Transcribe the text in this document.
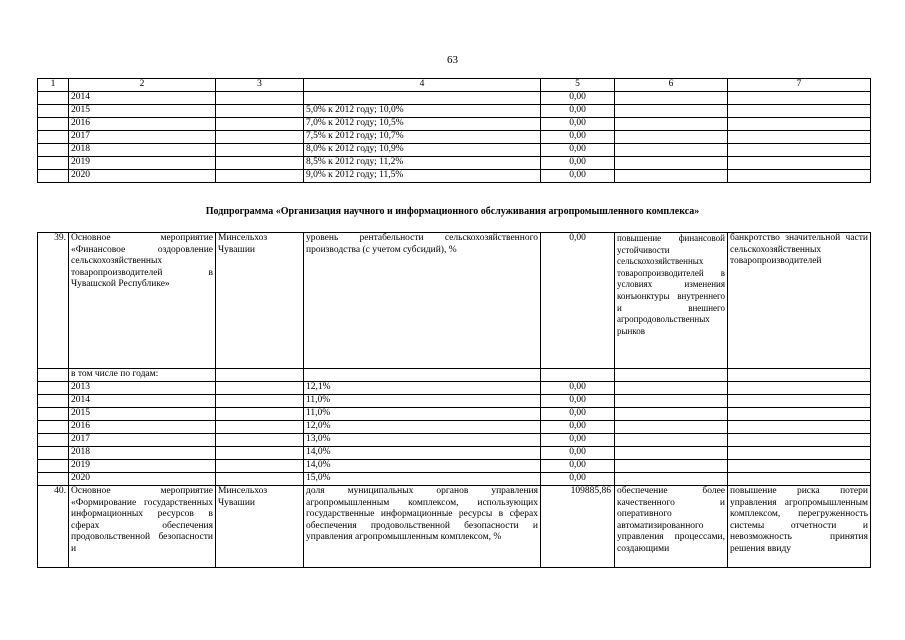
63
1	2	3	4	5	6	7
	2014			0,00		
	2015		5,0% к 2012 году; 10,0%	0,00		
	2016		7,0% к 2012 году; 10,5%	0,00		
	2017		7,5% к 2012 году; 10,7%	0,00		
	2018		8,0% к 2012 году; 10,9%	0,00		
	2019		8,5% к 2012 году; 11,2%	0,00		
	2020		9,0% к 2012 году; 11,5%	0,00		
Подпрограмма «Организация научного и информационного обслуживания агропромышленного комплекса»
39.	Основное мероприятие «Финансовое оздоровление сельскохозяйственных товаропроизводителей в Чувашской Республике»	Минсельхоз Чувашии	уровень рентабельности сельскохозяйственного производства (с учетом субсидий), %	0,00	повышение финансовой устойчивости сельскохозяйственных товаропроизводителей в условиях изменения конъюнктуры внутреннего и внешнего агропродовольственных рынков	банкротство значительной части сельскохозяйственных товаропроизводителей
	в том числе по годам:					
	2013		12,1%	0,00		
	2014		11,0%	0,00		
	2015		11,0%	0,00		
	2016		12,0%	0,00		
	2017		13,0%	0,00		
	2018		14,0%	0,00		
	2019		14,0%	0,00		
	2020		15,0%	0,00		
40.	Основное мероприятие «Формирование государственных информационных ресурсов в сферах обеспечения продовольственной безопасности и	Минсельхоз Чувашии	доля муниципальных органов управления агропромышленным комплексом, использующих государственные информационные ресурсы в сферах обеспечения продовольственной безопасности и управления агропромышленным комплексом, %	109885,86	обеспечение более качественного и оперативного автоматизированного управления процессами, создающими	повышение риска потери управления агропромышленным комплексом, перегруженность системы отчетности и невозможность принятия решения ввиду
